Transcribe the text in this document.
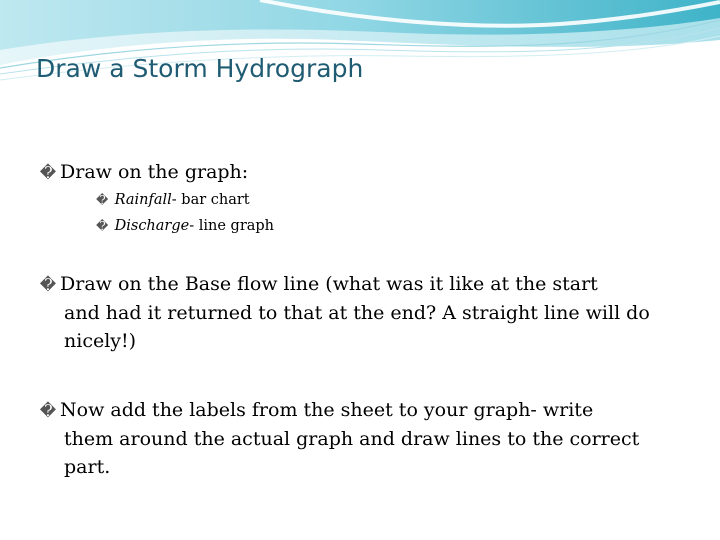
Draw a Storm Hydrograph

� Draw on the graph:

� Rainfall- bar chart
� Discharge- line graph

� Draw on the Base flow line (what was it like at the start
and had it returned to that at the end? A straight line will do nicely!)

� Now add the labels from the sheet to your graph- write
them around the actual graph and draw lines to the correct part.
